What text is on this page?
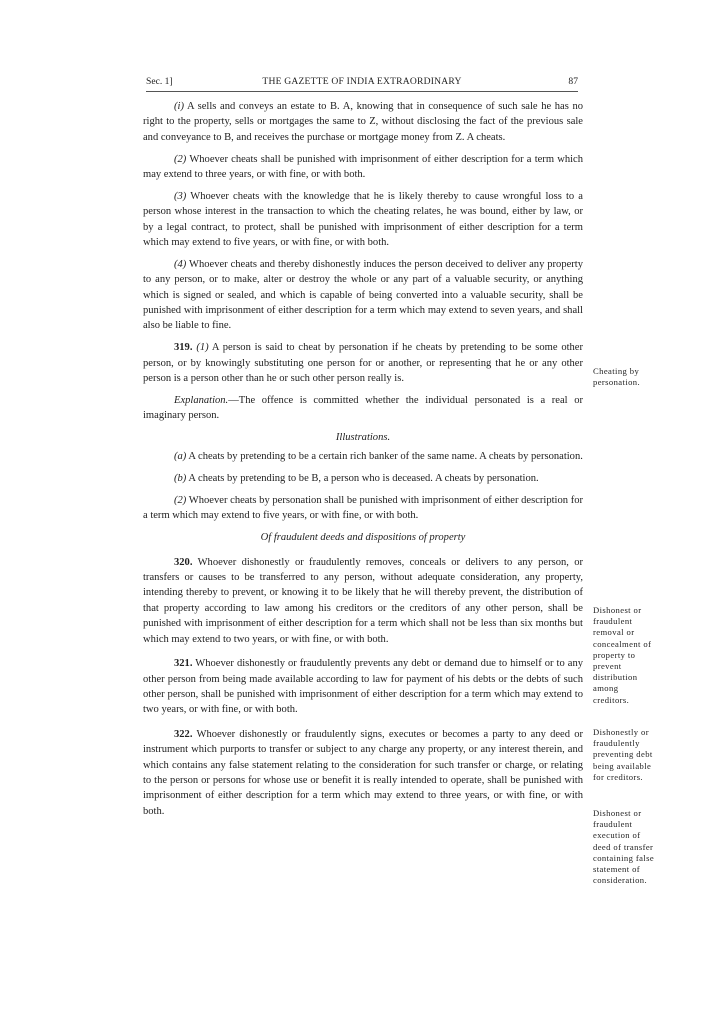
Sec. 1]	THE GAZETTE OF INDIA EXTRAORDINARY	87

(i) A sells and conveys an estate to B. A, knowing that in consequence of such sale he has no right to the property, sells or mortgages the same to Z, without disclosing the fact of the previous sale and conveyance to B, and receives the purchase or mortgage money from Z. A cheats.

(2) Whoever cheats shall be punished with imprisonment of either description for a term which may extend to three years, or with fine, or with both.

(3) Whoever cheats with the knowledge that he is likely thereby to cause wrongful loss to a person whose interest in the transaction to which the cheating relates, he was bound, either by law, or by a legal contract, to protect, shall be punished with imprisonment of either description for a term which may extend to five years, or with fine, or with both.

(4) Whoever cheats and thereby dishonestly induces the person deceived to deliver any property to any person, or to make, alter or destroy the whole or any part of a valuable security, or anything which is signed or sealed, and which is capable of being converted into a valuable security, shall be punished with imprisonment of either description for a term which may extend to seven years, and shall also be liable to fine.

319. (1) A person is said to cheat by personation if he cheats by pretending to be some other person, or by knowingly substituting one person for or another, or representing that he or any other person is a person other than he or such other person really is.

Explanation.—The offence is committed whether the individual personated is a real or imaginary person.

Illustrations.

(a) A cheats by pretending to be a certain rich banker of the same name. A cheats by personation.

(b) A cheats by pretending to be B, a person who is deceased. A cheats by personation.

(2) Whoever cheats by personation shall be punished with imprisonment of either description for a term which may extend to five years, or with fine, or with both.

Of fraudulent deeds and dispositions of property

320. Whoever dishonestly or fraudulently removes, conceals or delivers to any person, or transfers or causes to be transferred to any person, without adequate consideration, any property, intending thereby to prevent, or knowing it to be likely that he will thereby prevent, the distribution of that property according to law among his creditors or the creditors of any other person, shall be punished with imprisonment of either description for a term which shall not be less than six months but which may extend to two years, or with fine, or with both.

321. Whoever dishonestly or fraudulently prevents any debt or demand due to himself or to any other person from being made available according to law for payment of his debts or the debts of such other person, shall be punished with imprisonment of either description for a term which may extend to two years, or with fine, or with both.

322. Whoever dishonestly or fraudulently signs, executes or becomes a party to any deed or instrument which purports to transfer or subject to any charge any property, or any interest therein, and which contains any false statement relating to the consideration for such transfer or charge, or relating to the person or persons for whose use or benefit it is really intended to operate, shall be punished with imprisonment of either description for a term which may extend to three years, or with fine, or with both.

Cheating by personation.
Dishonest or fraudulent removal or concealment of property to prevent distribution among creditors.
Dishonestly or fraudulently preventing debt being available for creditors.
Dishonest or fraudulent execution of deed of transfer containing false statement of consideration.
